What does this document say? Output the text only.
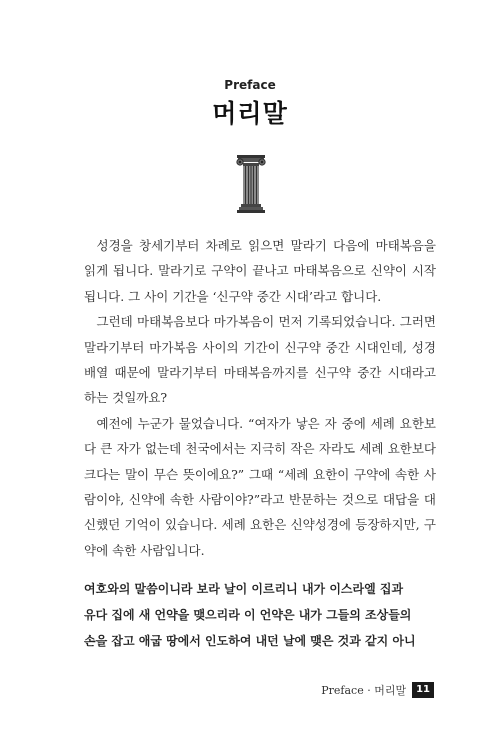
Preface
머리말

성경을 창세기부터 차례로 읽으면 말라기 다음에 마태복음을 읽게 됩니다. 말라기로 구약이 끝나고 마태복음으로 신약이 시작됩니다. 그 사이 기간을 ‘신구약 중간 시대’라고 합니다.

그런데 마태복음보다 마가복음이 먼저 기록되었습니다. 그러면 말라기부터 마가복음 사이의 기간이 신구약 중간 시대인데, 성경 배열 때문에 말라기부터 마태복음까지를 신구약 중간 시대라고 하는 것일까요?

예전에 누군가 물었습니다. “여자가 낳은 자 중에 세례 요한보다 큰 자가 없는데 천국에서는 지극히 작은 자라도 세례 요한보다 크다는 말이 무슨 뜻이에요?” 그때 “세례 요한이 구약에 속한 사람이야, 신약에 속한 사람이야?”라고 반문하는 것으로 대답을 대신했던 기억이 있습니다. 세례 요한은 신약성경에 등장하지만, 구약에 속한 사람입니다.

여호와의 말씀이니라 보라 날이 이르리니 내가 이스라엘 집과
유다 집에 새 언약을 맺으리라 이 언약은 내가 그들의 조상들의
손을 잡고 애굽 땅에서 인도하여 내던 날에 맺은 것과 같지 아니
Preface · 머리말	11
